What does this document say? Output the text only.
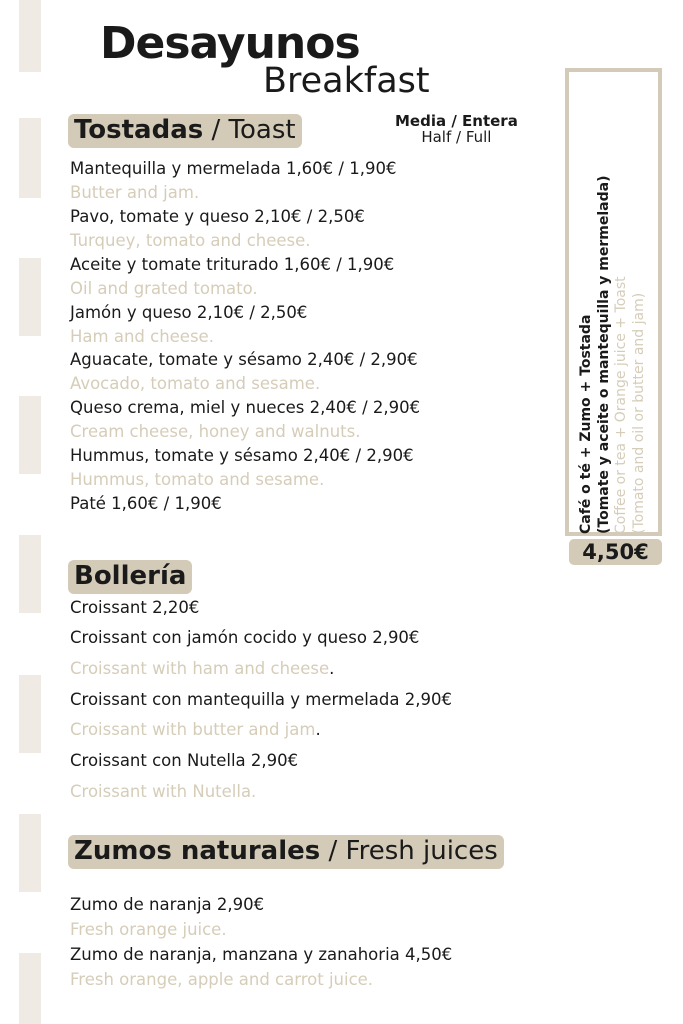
Desayunos
Breakfast
Tostadas / Toast	Media / Entera
Half / Full
Mantequilla y mermelada 1,60€ / 1,90€
Butter and jam.
Pavo, tomate y queso 2,10€ / 2,50€
Turquey, tomato and cheese.
Aceite y tomate triturado 1,60€ / 1,90€
Oil and grated tomato.
Jamón y queso 2,10€ / 2,50€
Ham and cheese.
Aguacate, tomate y sésamo 2,40€ / 2,90€
Avocado, tomato and sesame.
Queso crema, miel y nueces 2,40€ / 2,90€
Cream cheese, honey and walnuts.
Hummus, tomate y sésamo 2,40€ / 2,90€
Hummus, tomato and sesame.
Paté 1,60€ / 1,90€	Café o té + Zumo + Tostada (Tomate y aceite o mantequilla y mermelada) Coffee or tea + Orange juice + Toast (Tomato and oil or butter and jam)
4,50€
Bollería
Croissant 2,20€
Croissant con jamón cocido y queso 2,90€
Croissant with ham and cheese.
Croissant con mantequilla y mermelada 2,90€
Croissant with butter and jam.
Croissant con Nutella 2,90€
Croissant with Nutella.
Zumos naturales / Fresh juices
Zumo de naranja 2,90€
Fresh orange juice.
Zumo de naranja, manzana y zanahoria 4,50€
Fresh orange, apple and carrot juice.
